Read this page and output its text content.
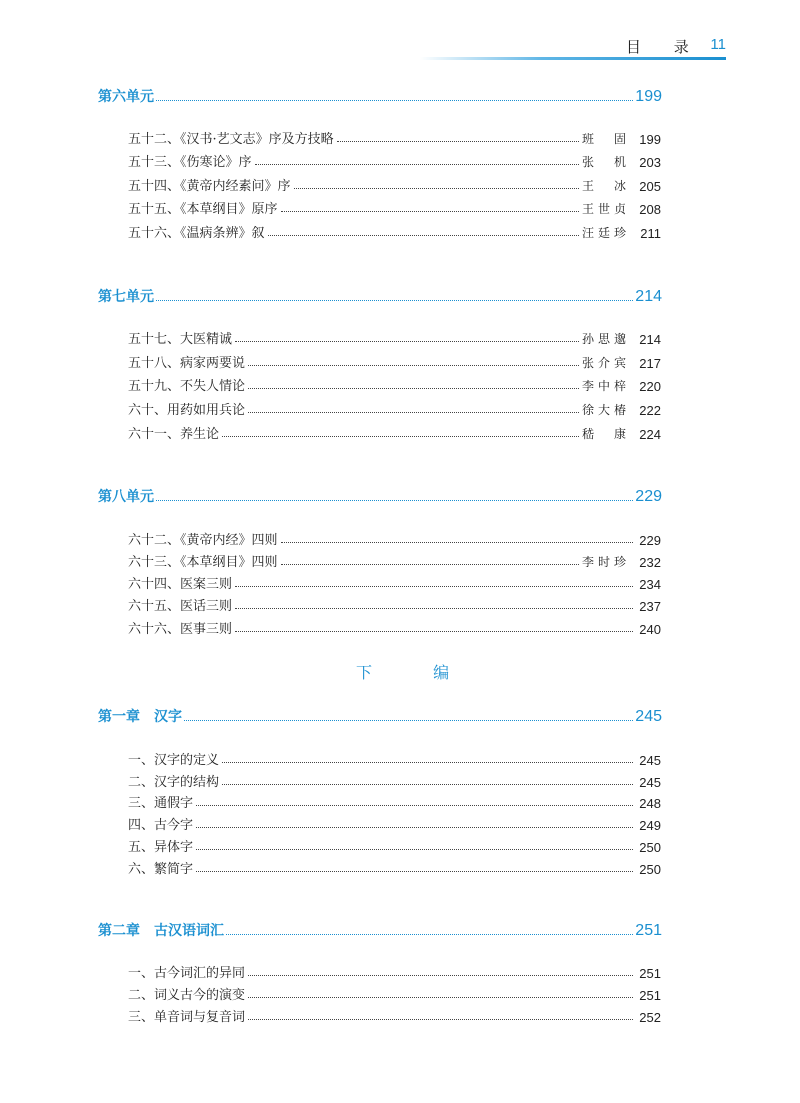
目 录 11
第六单元	199
五十二、《汉书·艺文志》序及方技略	班 固 199
五十三、《伤寒论》序	张 机 203
五十四、《黄帝内经素问》序	王 冰 205
五十五、《本草纲目》原序	王世贞 208
五十六、《温病条辨》叙	汪廷珍	211
第七单元	214
五十七、大医精诚	孙思邈 214
五十八、病家两要说	张介宾 217
五十九、不失人情论	李中梓 220
六十、用药如用兵论	徐大椿 222
六十一、养生论	嵇 康 224
第八单元	229
六十二、《黄帝内经》四则	229
六十三、《本草纲目》四则	李时珍 232
六十四、医案三则	234
六十五、医话三则	237
六十六、医事三则	240
下 编
第一章　汉字	245
一、汉字的定义	245
二、汉字的结构	245
三、通假字	248
四、古今字	249
五、异体字	250
六、繁简字	250
第二章　古汉语词汇	251
一、古今词汇的异同	251
二、词义古今的演变	251
三、单音词与复音词	252
